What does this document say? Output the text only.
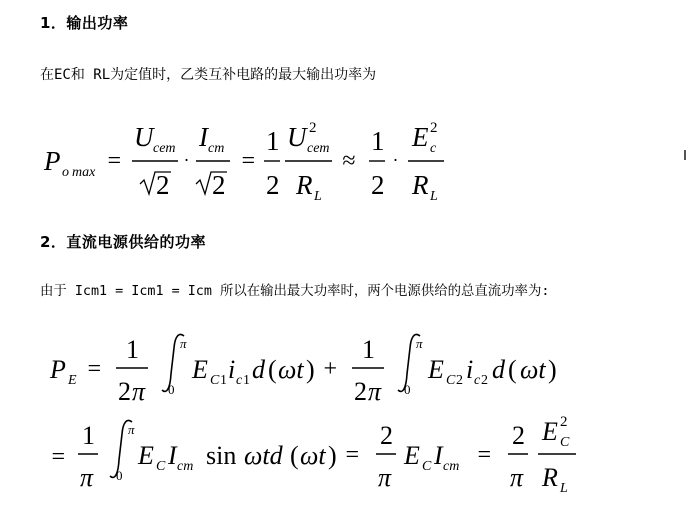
1．输出功率
在EC和 RL为定值时，乙类互补电路的最大输出功率为
P o max =
U cem
2
·
I cm
2
=
1
2
U 2
cem
R L
≈
1
2
·
E 2
c
R L
2．直流电源供给的功率
由于 Icm1 = Icm1 = Icm 所以在输出最大功率时，两个电源供给的总直流功率为:
P E =
1
2 π
π
0
E C 1 i c 1 d ( ωt ) +
1
2 π
π
0
E C 2 i c 2 d ( ωt )
=
1
π
π
0
E C I cm sin ωtd ( ωt ) =
2
π
E C I cm =
2
π
E 2
C
R L
